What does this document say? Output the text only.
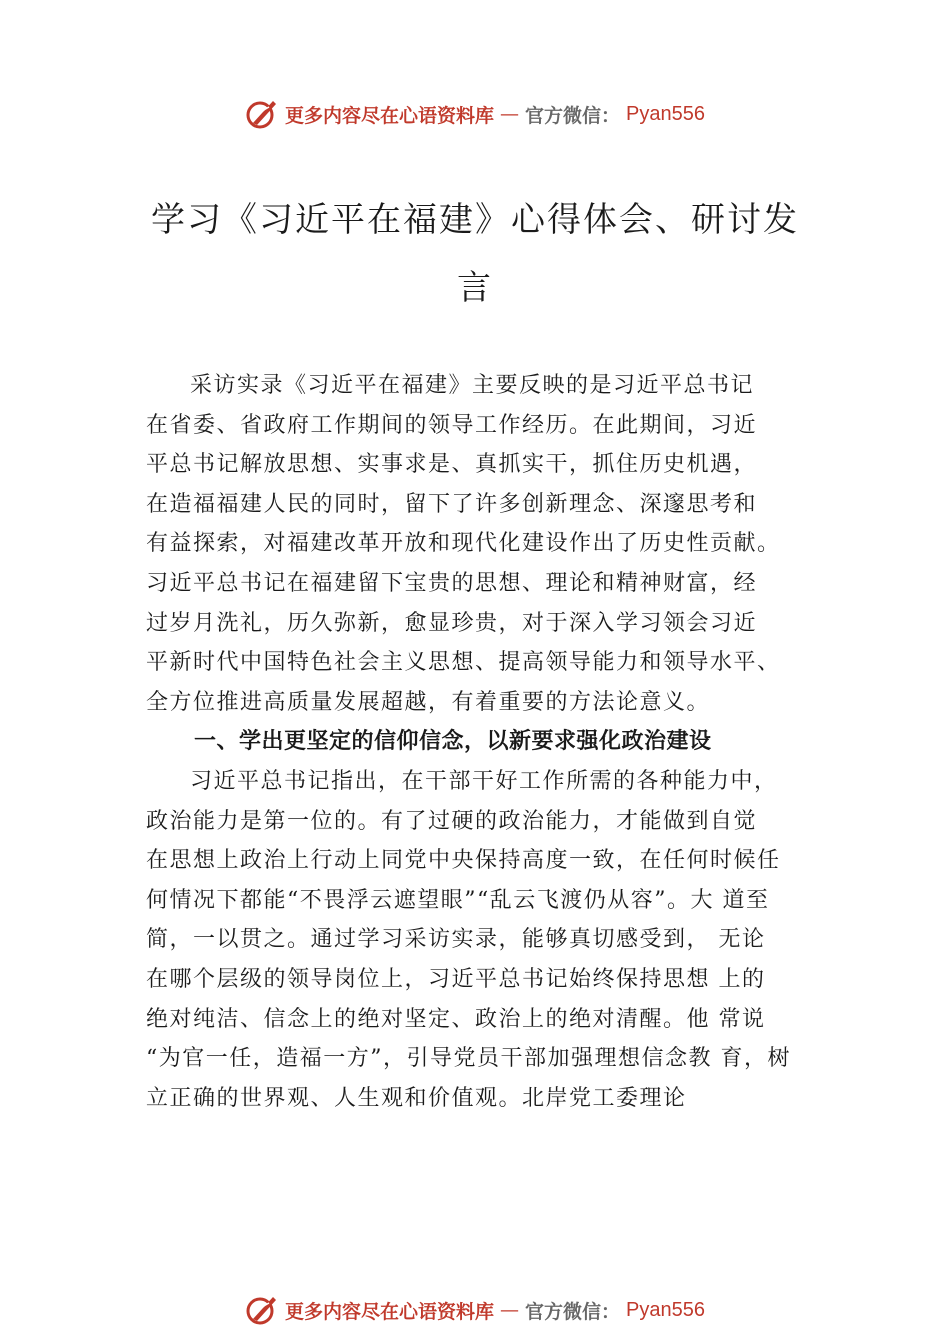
更多内容尽在心语资料库 — 官方微信： Pyan556
学习《习近平在福建》心得体会、研讨发
言
采访实录《习近平在福建》主要反映的是习近平总书记
在省委、省政府工作期间的领导工作经历。在此期间，习近
平总书记解放思想、实事求是、真抓实干，抓住历史机遇，
在造福福建人民的同时，留下了许多创新理念、深邃思考和
有益探索，对福建改革开放和现代化建设作出了历史性贡献。
习近平总书记在福建留下宝贵的思想、理论和精神财富，经
过岁月洗礼，历久弥新，愈显珍贵，对于深入学习领会习近
平新时代中国特色社会主义思想、提高领导能力和领导水平、
全方位推进高质量发展超越，有着重要的方法论意义。
一、学出更坚定的信仰信念，以新要求强化政治建设
习近平总书记指出，在干部干好工作所需的各种能力中，
政治能力是第一位的。有了过硬的政治能力，才能做到自觉
在思想上政治上行动上同党中央保持高度一致，在任何时候任
何情况下都能“不畏浮云遮望眼”“乱云飞渡仍从容”。大 道至
简，一以贯之。通过学习采访实录，能够真切感受到， 无论
在哪个层级的领导岗位上，习近平总书记始终保持思想 上的
绝对纯洁、信念上的绝对坚定、政治上的绝对清醒。他 常说
“为官一任，造福一方”，引导党员干部加强理想信念教 育，树
立正确的世界观、人生观和价值观。北岸党工委理论
更多内容尽在心语资料库 — 官方微信： Pyan556
